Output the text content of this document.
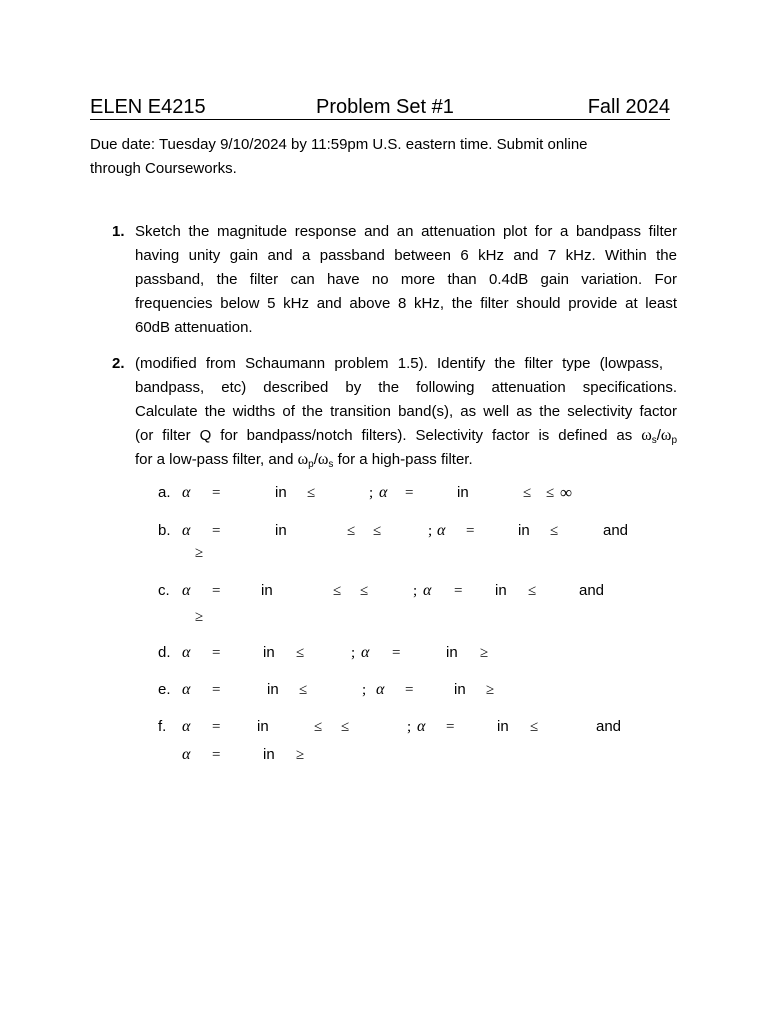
ELEN E4215	Problem Set #1	Fall 2024
Due date: Tuesday 9/10/2024 by 11:59pm U.S. eastern time. Submit online
through Courseworks.
1. Sketch the magnitude response and an attenuation plot for a bandpass filter
having unity gain and a passband between 6 kHz and 7 kHz. Within the
passband, the filter can have no more than 0.4dB gain variation. For
frequencies below 5 kHz and above 8 kHz, the filter should provide at least
60dB attenuation.
2. (modified from Schaumann problem 1.5). Identify the filter type (lowpass,
bandpass, etc) described by the following attenuation specifications.
Calculate the widths of the transition band(s), as well as the selectivity factor
(or filter Q for bandpass/notch filters). Selectivity factor is defined as $\omega_s/\omega_p$
for a low-pass filter, and $\omega_p/\omega_s$ for a high-pass filter.
a. α =	in ≤	; α =	in	≤ ≤ ∞
b. α =	in	≤ ≤	; α =	in ≤	and
≥
c. α =	in	≤ ≤	; α = in ≤	and
≥
d. α =	in ≤	; α =	in ≥
e. α =	in ≤	; α =	in ≥
f. α = in	≤ ≤	; α =	in ≤	and
α =	in ≥
